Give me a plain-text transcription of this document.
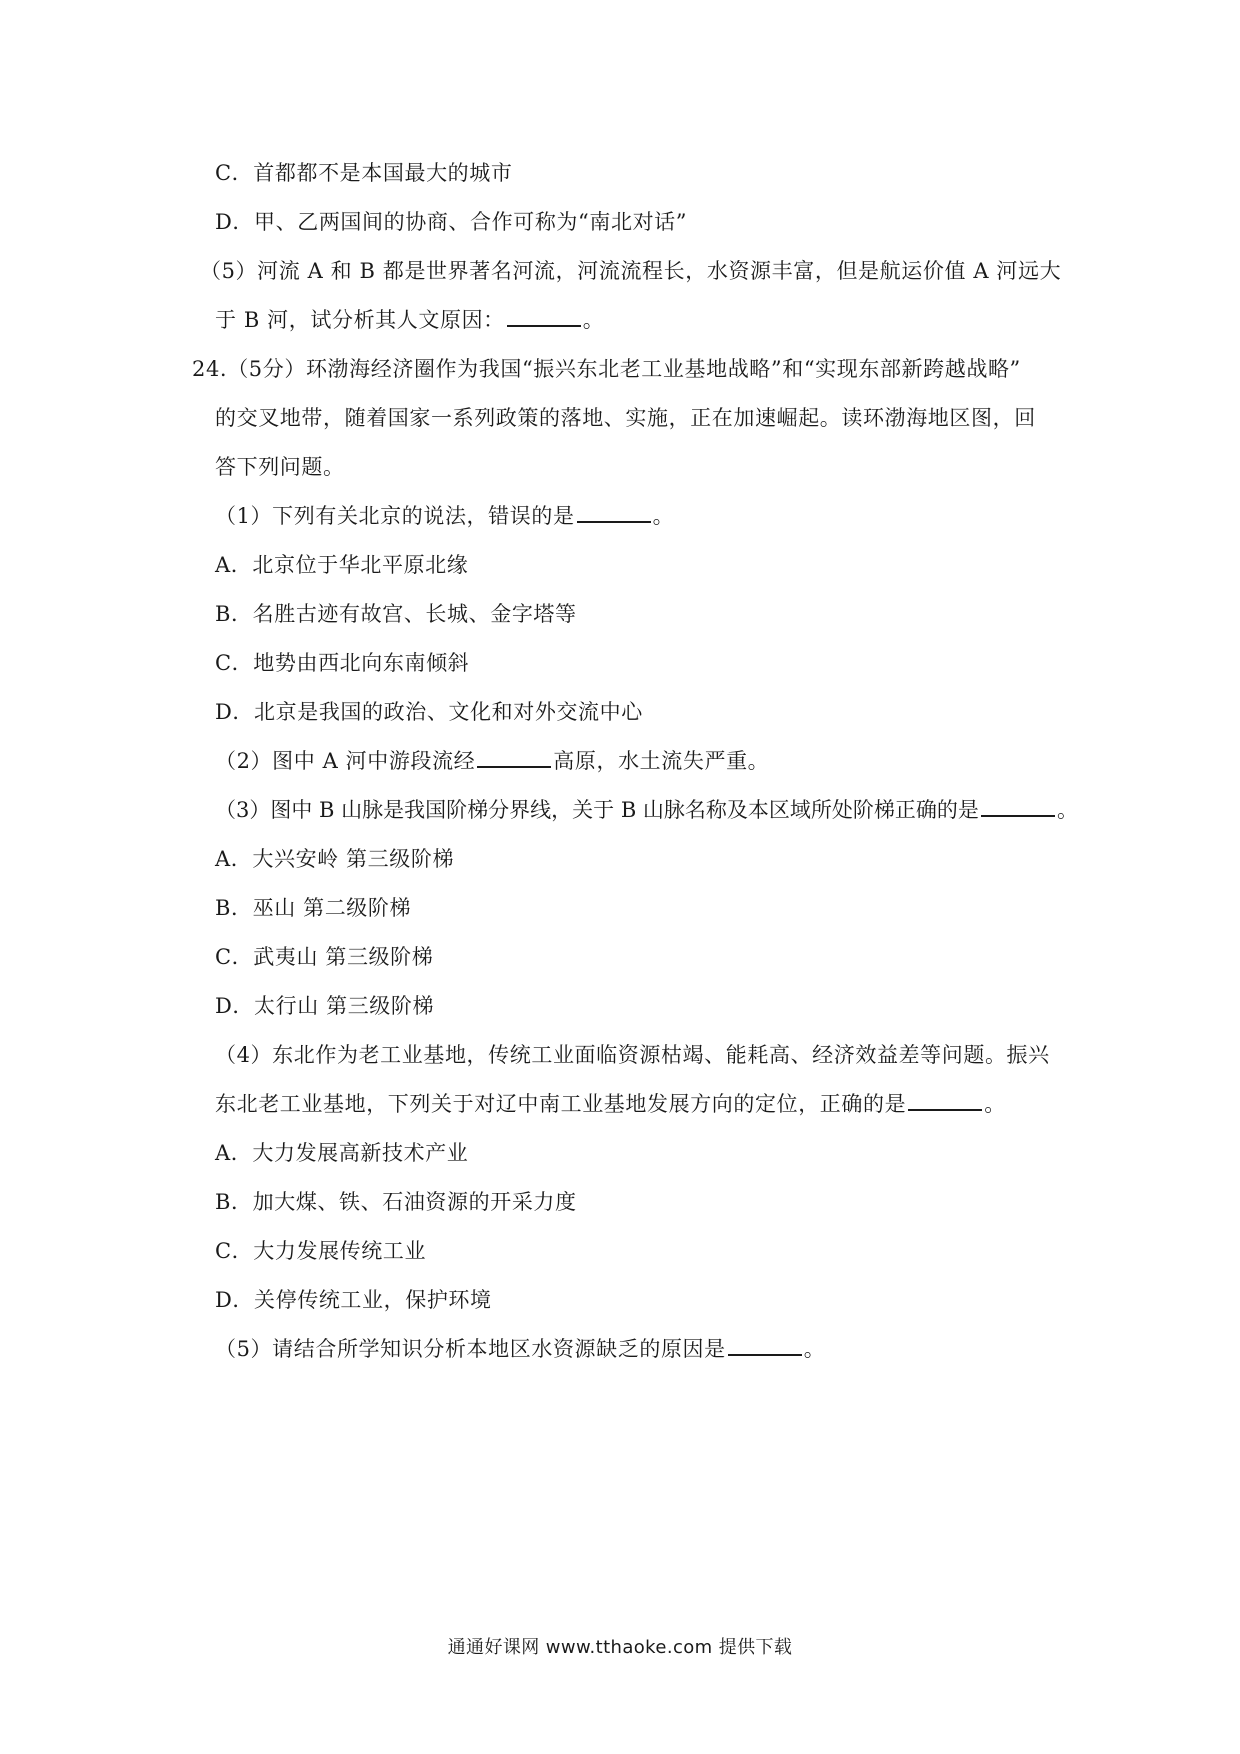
C．首都都不是本国最大的城市
D．甲、乙两国间的协商、合作可称为“南北对话”
（5）河流 A 和 B 都是世界著名河流，河流流程长，水资源丰富，但是航运价值 A 河远大
于 B 河，试分析其人文原因：	。
24.（5分）环渤海经济圈作为我国“振兴东北老工业基地战略”和“实现东部新跨越战略”
的交叉地带，随着国家一系列政策的落地、实施，正在加速崛起。读环渤海地区图，回
答下列问题。
（1）下列有关北京的说法，错误的是	。
A．北京位于华北平原北缘
B．名胜古迹有故宫、长城、金字塔等
C．地势由西北向东南倾斜
D．北京是我国的政治、文化和对外交流中心
（2）图中 A 河中游段流经	高原，水土流失严重。
（3）图中 B 山脉是我国阶梯分界线，关于 B 山脉名称及本区域所处阶梯正确的是	。
A．大兴安岭 第三级阶梯
B．巫山 第二级阶梯
C．武夷山 第三级阶梯
D．太行山 第三级阶梯
（4）东北作为老工业基地，传统工业面临资源枯竭、能耗高、经济效益差等问题。振兴
东北老工业基地，下列关于对辽中南工业基地发展方向的定位，正确的是	。
A．大力发展高新技术产业
B．加大煤、铁、石油资源的开采力度
C．大力发展传统工业
D．关停传统工业，保护环境
（5）请结合所学知识分析本地区水资源缺乏的原因是	。
通通好课网 www.tthaoke.com 提供下载
